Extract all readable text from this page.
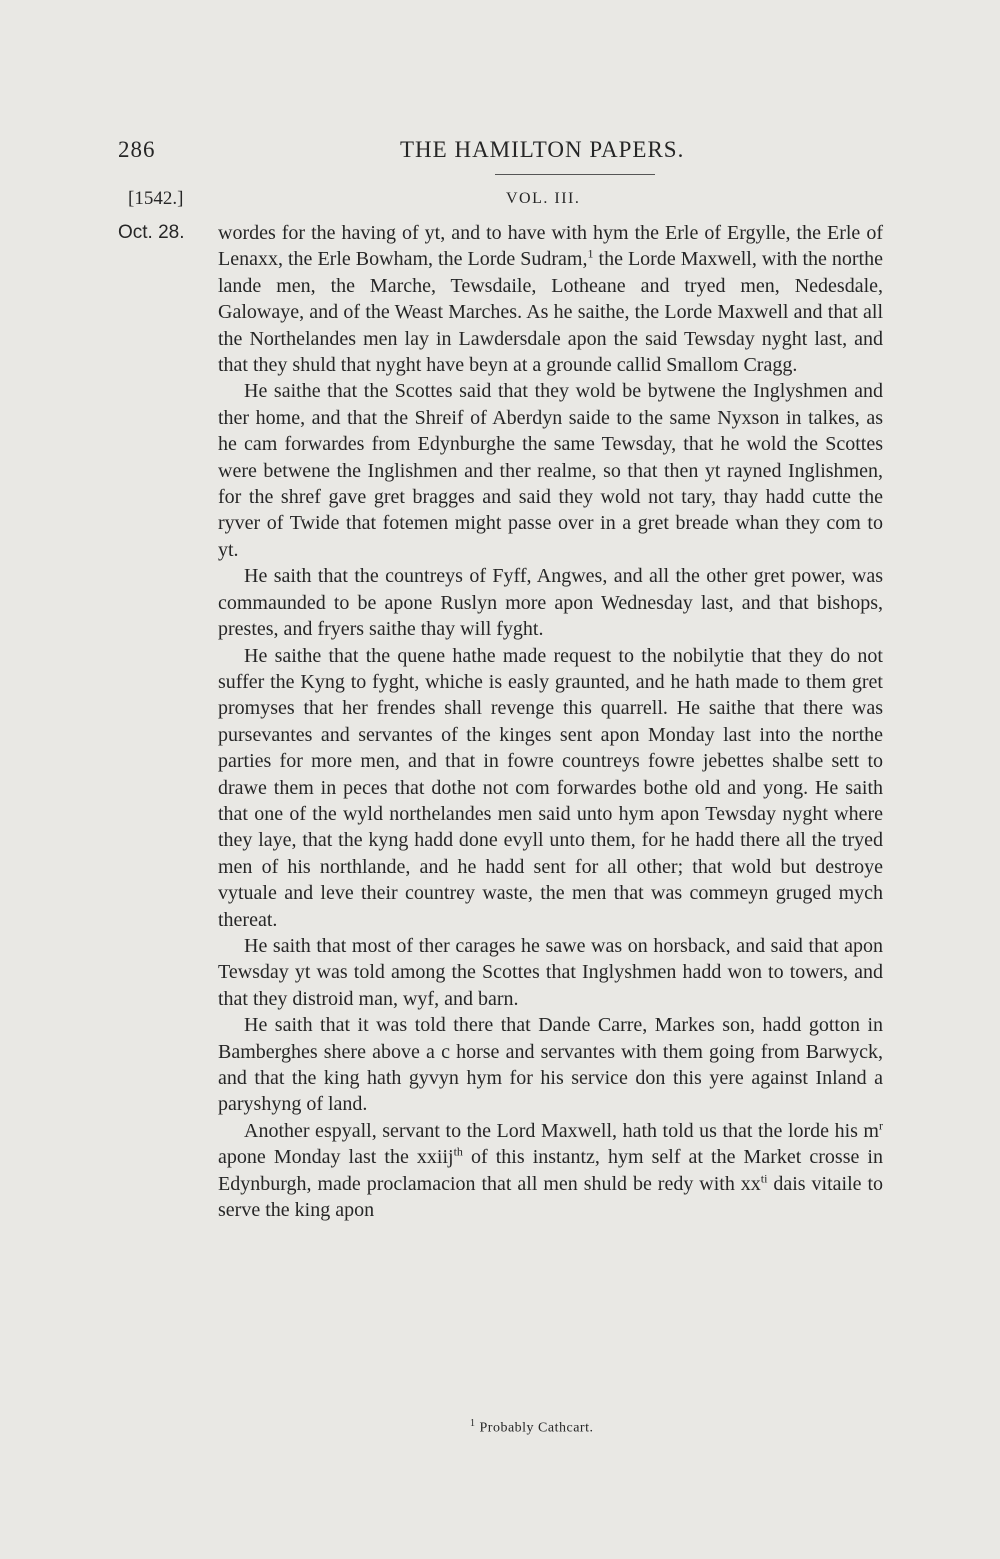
286	THE HAMILTON PAPERS.
[1542.]	VOL. III.
Oct. 28. wordes for the having of yt, and to have with hym the Erle of Ergylle, the Erle of Lenaxx, the Erle Bowham, the Lorde Sudram,$^1$ the Lorde Maxwell, with the northe lande men, the Marche, Tewsdaile, Lotheane and tryed men, Nedesdale, Galowaye, and of the Weast Marches. As he saithe, the Lorde Maxwell and that all the Northelandes men lay in Lawdersdale apon the said Tewsday nyght last, and that they shuld that nyght have beyn at a grounde callid Smallom Cragg.

He saithe that the Scottes said that they wold be bytwene the Inglyshmen and ther home, and that the Shreif of Aberdyn saide to the same Nyxson in talkes, as he cam forwardes from Edynburghe the same Tewsday, that he wold the Scottes were betwene the Inglishmen and ther realme, so that then yt rayned Inglishmen, for the shref gave gret bragges and said they wold not tary, thay hadd cutte the ryver of Twide that fotemen might passe over in a gret breade whan they com to yt.

He saith that the countreys of Fyff, Angwes, and all the other gret power, was commaunded to be apone Ruslyn more apon Wednesday last, and that bishops, prestes, and fryers saithe thay will fyght.

He saithe that the quene hathe made request to the nobilytie that they do not suffer the Kyng to fyght, whiche is easly graunted, and he hath made to them gret promyses that her frendes shall revenge this quarrell. He saithe that there was pursevantes and servantes of the kinges sent apon Monday last into the northe parties for more men, and that in fowre countreys fowre jebettes shalbe sett to drawe them in peces that dothe not com forwardes bothe old and yong. He saith that one of the wyld northelandes men said unto hym apon Tewsday nyght where they laye, that the kyng hadd done evyll unto them, for he hadd there all the tryed men of his northlande, and he hadd sent for all other; that wold but destroye vytuale and leve their countrey waste, the men that was commeyn gruged mych thereat.

He saith that most of ther carages he sawe was on horsback, and said that apon Tewsday yt was told among the Scottes that Inglyshmen hadd won to towers, and that they distroid man, wyf, and barn.

He saith that it was told there that Dande Carre, Markes son, hadd gotton in Bamberghes shere above a c horse and servantes with them going from Barwyck, and that the king hath gyvyn hym for his service don this yere against Inland a paryshyng of land.

Another espyall, servant to the Lord Maxwell, hath told us that the lorde his $m^r$ apone Monday last the xxiij$^{th}$ of this instantz, hym self at the Market crosse in Edynburgh, made proclamacion that all men shuld be redy with $xx^{ti}$ dais vitaile to serve the king apon

$^1$ Probably Cathcart.
